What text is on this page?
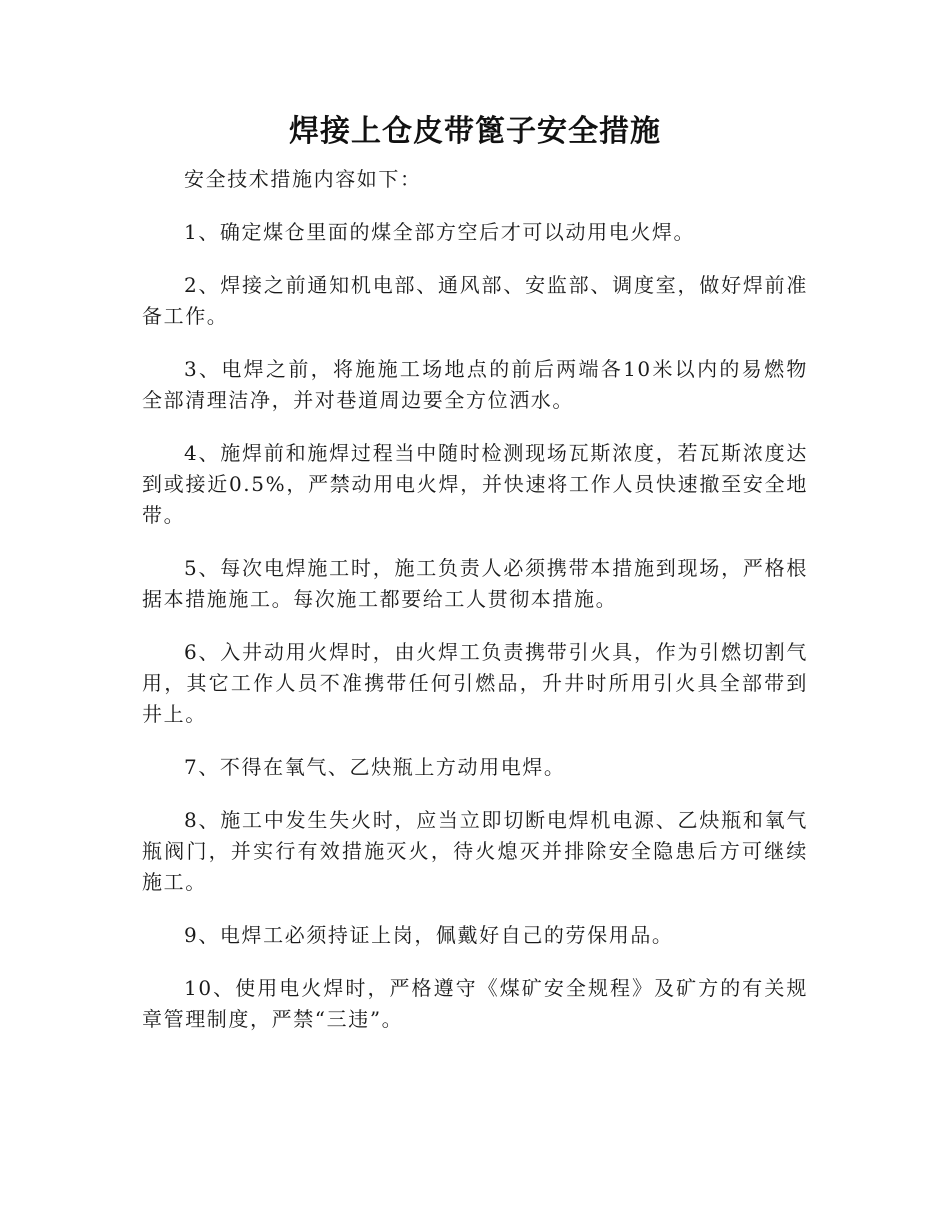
焊接上仓皮带篦子安全措施

安全技术措施内容如下：

1、确定煤仓里面的煤全部方空后才可以动用电火焊。

2、焊接之前通知机电部、通风部、安监部、调度室，做好焊前准备工作。

3、电焊之前，将施施工场地点的前后两端各10米以内的易燃物全部清理洁净，并对巷道周边要全方位洒水。

4、施焊前和施焊过程当中随时检测现场瓦斯浓度，若瓦斯浓度达到或接近0.5%，严禁动用电火焊，并快速将工作人员快速撤至安全地带。

5、每次电焊施工时，施工负责人必须携带本措施到现场，严格根据本措施施工。每次施工都要给工人贯彻本措施。

6、入井动用火焊时，由火焊工负责携带引火具，作为引燃切割气用，其它工作人员不准携带任何引燃品，升井时所用引火具全部带到井上。

7、不得在氧气、乙炔瓶上方动用电焊。

8、施工中发生失火时，应当立即切断电焊机电源、乙炔瓶和氧气瓶阀门，并实行有效措施灭火，待火熄灭并排除安全隐患后方可继续施工。

9、电焊工必须持证上岗，佩戴好自己的劳保用品。

10、使用电火焊时，严格遵守《煤矿安全规程》及矿方的有关规章管理制度，严禁“三违”。
